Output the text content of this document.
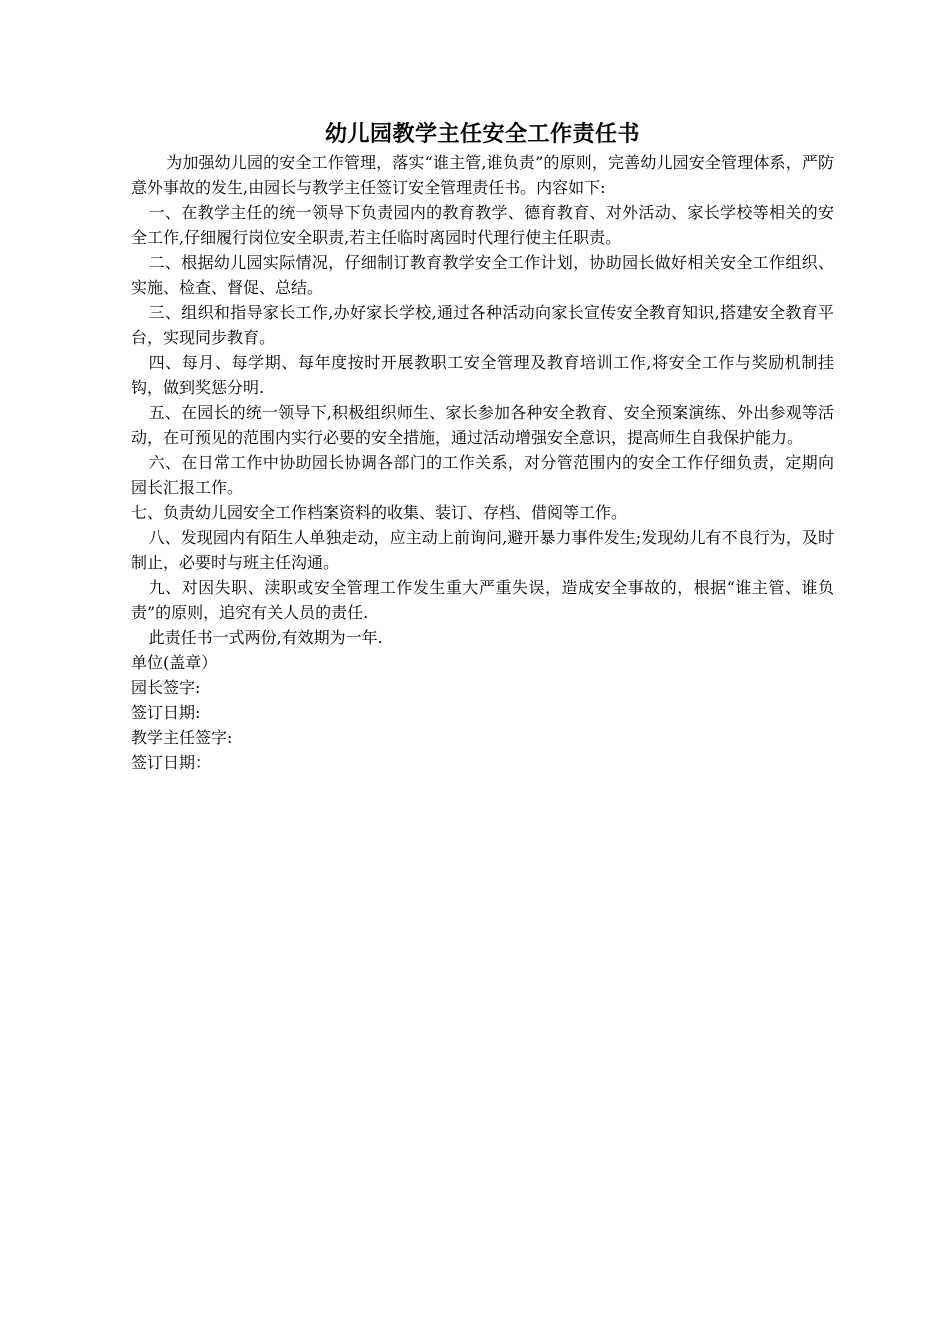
幼儿园教学主任安全工作责任书

为加强幼儿园的安全工作管理，落实“谁主管,谁负责”的原则，完善幼儿园安全管理体系，严防意外事故的发生,由园长与教学主任签订安全管理责任书。内容如下:

一、在教学主任的统一领导下负责园内的教育教学、德育教育、对外活动、家长学校等相关的安全工作,仔细履行岗位安全职责,若主任临时离园时代理行使主任职责。

二、根据幼儿园实际情况，仔细制订教育教学安全工作计划，协助园长做好相关安全工作组织、实施、检查、督促、总结。

三、组织和指导家长工作,办好家长学校,通过各种活动向家长宣传安全教育知识,搭建安全教育平台，实现同步教育。

四、每月、每学期、每年度按时开展教职工安全管理及教育培训工作,将安全工作与奖励机制挂钩，做到奖惩分明.

五、在园长的统一领导下,积极组织师生、家长参加各种安全教育、安全预案演练、外出参观等活动，在可预见的范围内实行必要的安全措施，通过活动增强安全意识，提高师生自我保护能力。

六、在日常工作中协助园长协调各部门的工作关系，对分管范围内的安全工作仔细负责，定期向园长汇报工作。

七、负责幼儿园安全工作档案资料的收集、装订、存档、借阅等工作。

八、发现园内有陌生人单独走动，应主动上前询问,避开暴力事件发生;发现幼儿有不良行为，及时制止，必要时与班主任沟通。

九、对因失职、渎职或安全管理工作发生重大严重失误，造成安全事故的，根据“谁主管、谁负责”的原则，追究有关人员的责任.

此责任书一式两份,有效期为一年.

单位(盖章）

园长签字:

签订日期:

教学主任签字:

签订日期：
